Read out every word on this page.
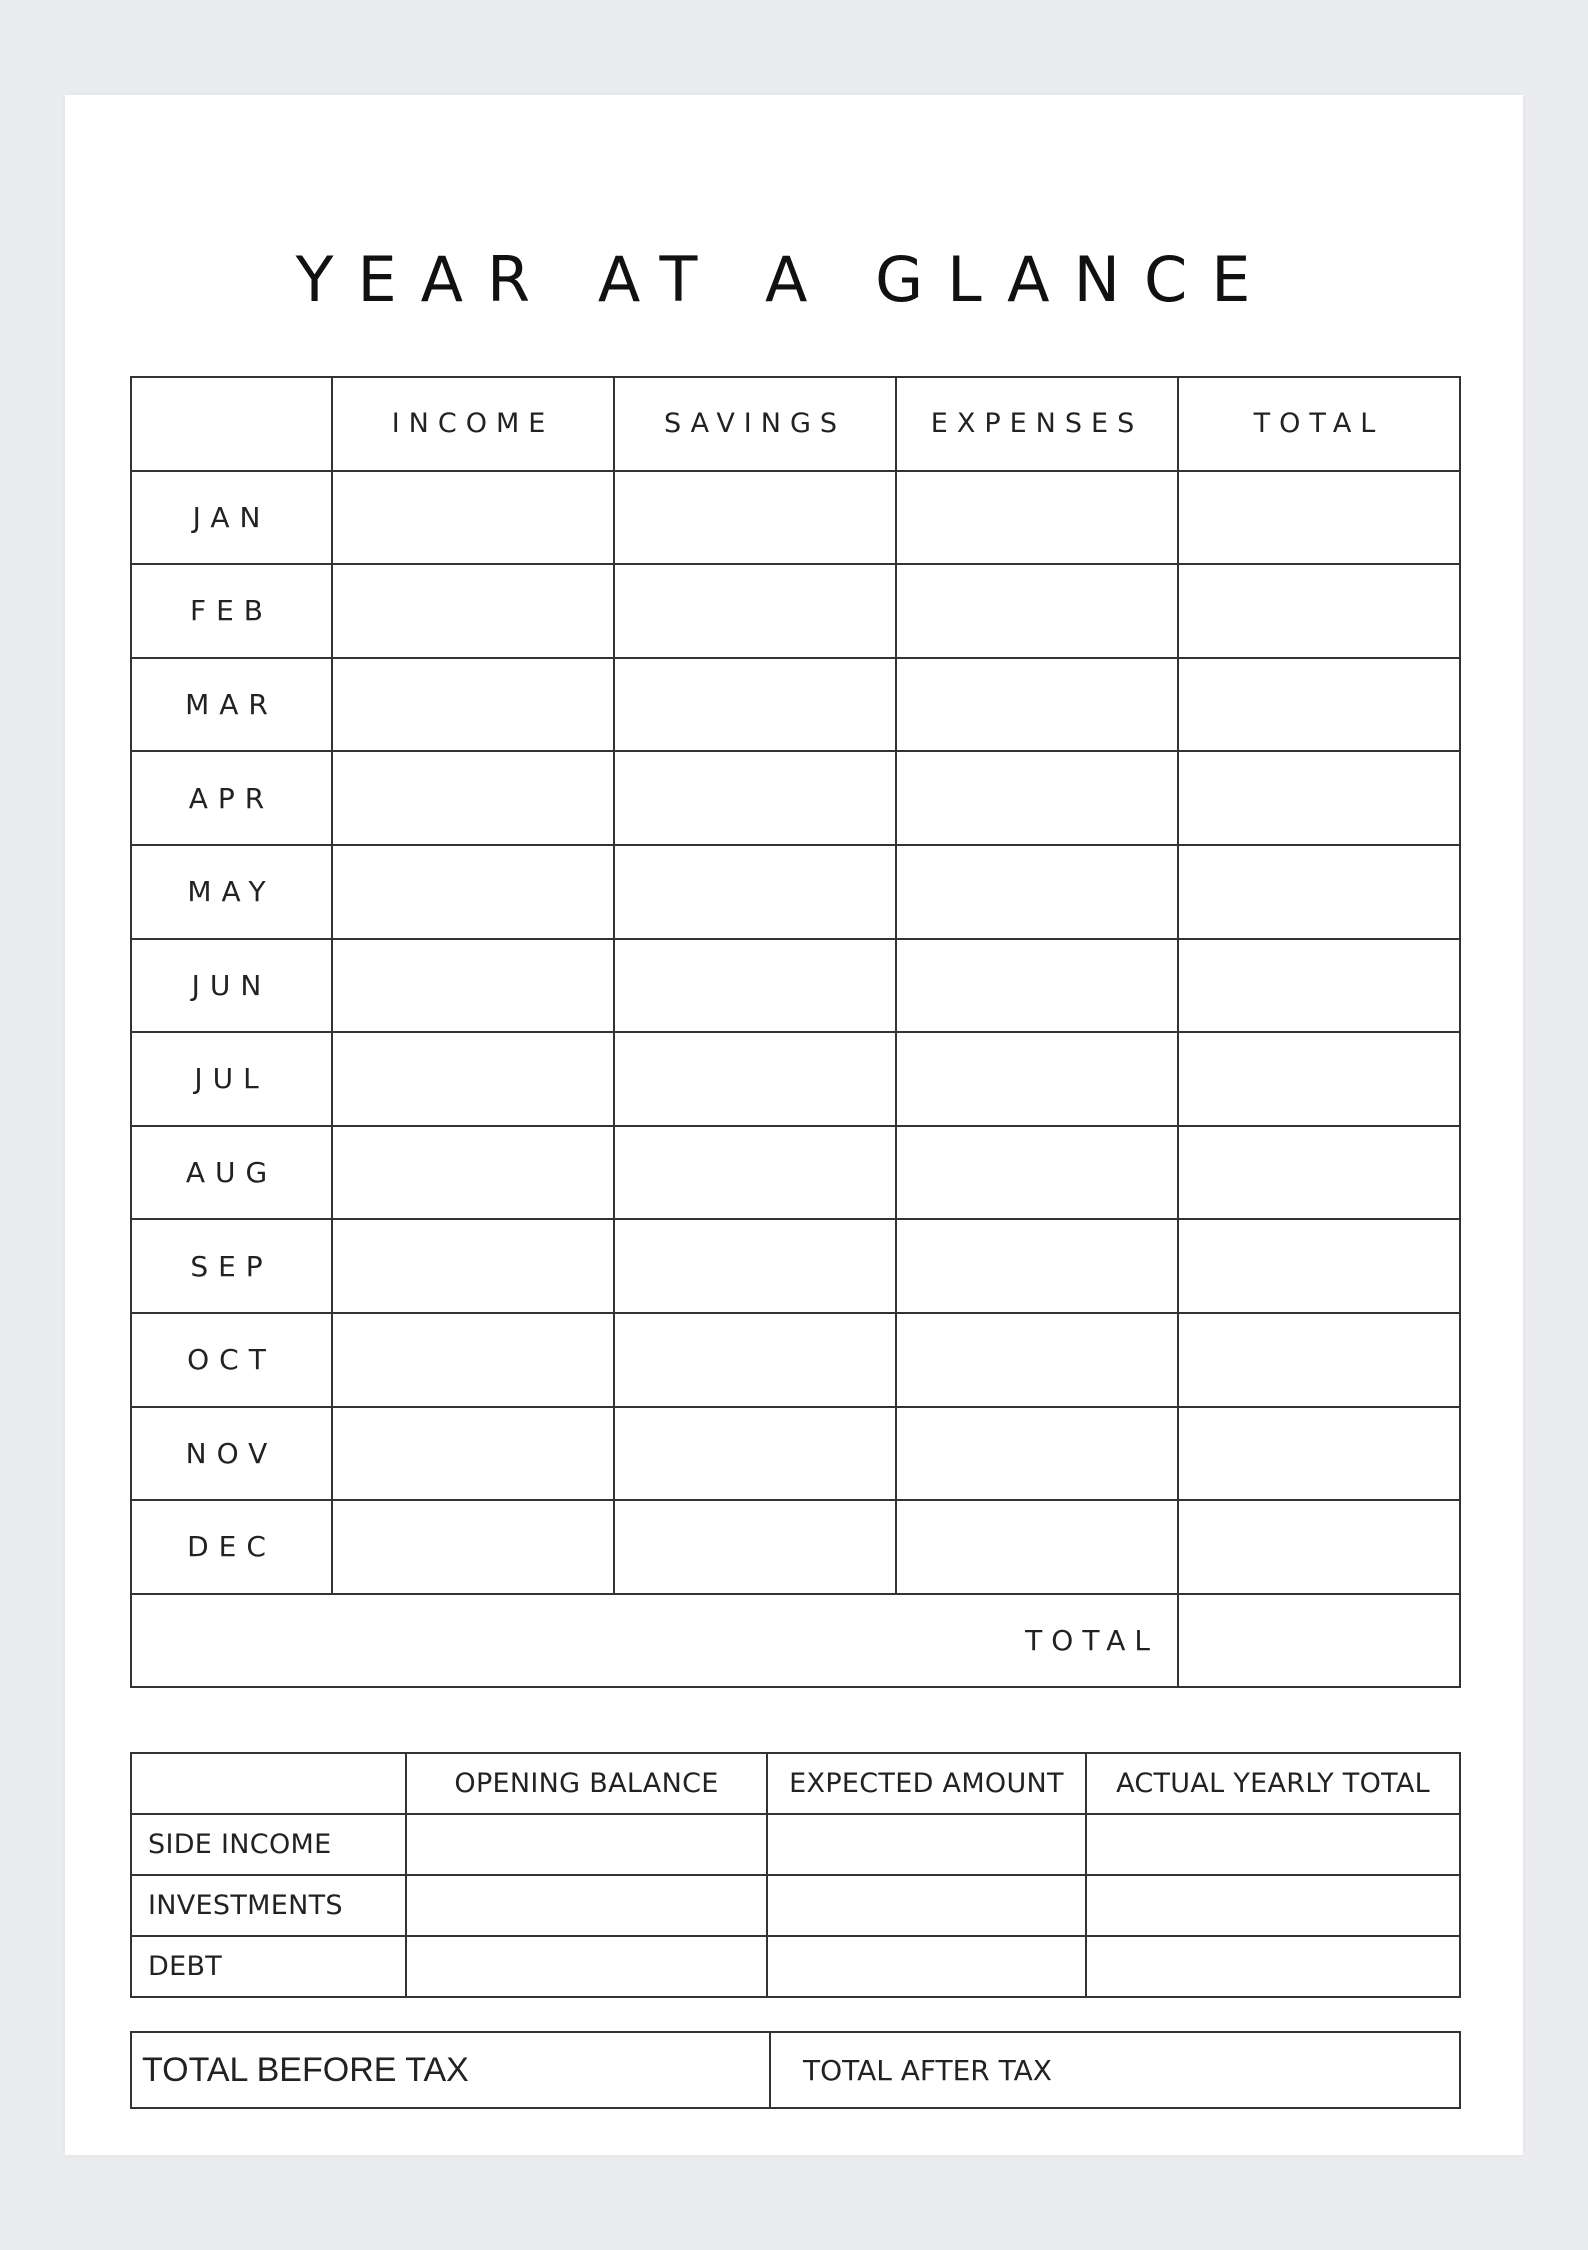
YEAR AT A GLANCE
	INCOME	SAVINGS	EXPENSES	TOTAL
JAN				
FEB				
MAR				
APR				
MAY				
JUN				
JUL				
AUG				
SEP				
OCT				
NOV				
DEC				
TOTAL				
	OPENING BALANCE	EXPECTED AMOUNT	ACTUAL YEARLY TOTAL
SIDE INCOME			
INVESTMENTS			
DEBT			
TOTAL BEFORE TAX	TOTAL AFTER TAX
